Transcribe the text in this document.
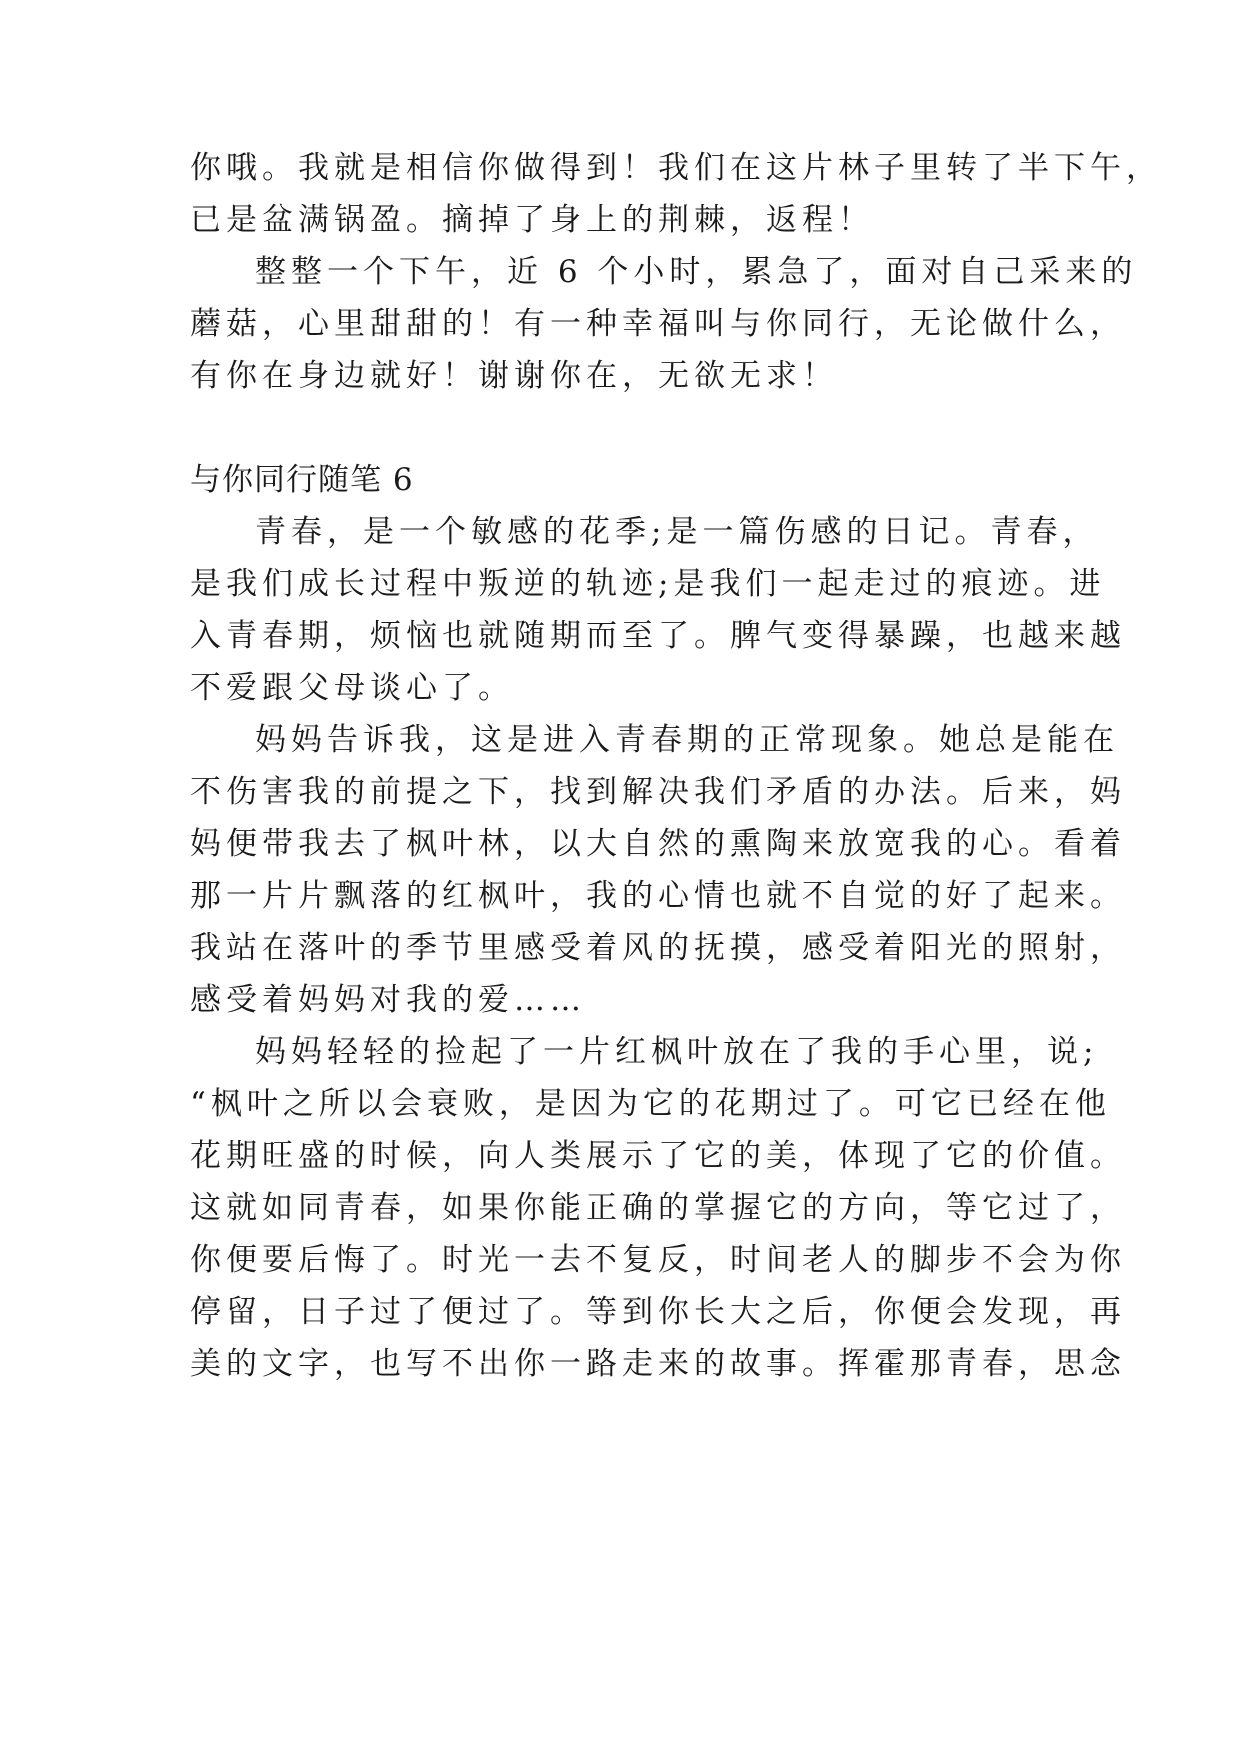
你哦。我就是相信你做得到！我们在这片林子里转了半下午，
已是盆满锅盈。摘掉了身上的荆棘，返程！
整整一个下午，近 6 个小时，累急了，面对自己采来的
蘑菇，心里甜甜的！有一种幸福叫与你同行，无论做什么，
有你在身边就好！谢谢你在，无欲无求！
与你同行随笔 6
青春，是一个敏感的花季;是一篇伤感的日记。青春，
是我们成长过程中叛逆的轨迹;是我们一起走过的痕迹。进
入青春期，烦恼也就随期而至了。脾气变得暴躁，也越来越
不爱跟父母谈心了。
妈妈告诉我，这是进入青春期的正常现象。她总是能在
不伤害我的前提之下，找到解决我们矛盾的办法。后来，妈
妈便带我去了枫叶林，以大自然的熏陶来放宽我的心。看着
那一片片飘落的红枫叶，我的心情也就不自觉的好了起来。
我站在落叶的季节里感受着风的抚摸，感受着阳光的照射，
感受着妈妈对我的爱……
妈妈轻轻的捡起了一片红枫叶放在了我的手心里，说;
“枫叶之所以会衰败，是因为它的花期过了。可它已经在他
花期旺盛的时候，向人类展示了它的美，体现了它的价值。
这就如同青春，如果你能正确的掌握它的方向，等它过了，
你便要后悔了。时光一去不复反，时间老人的脚步不会为你
停留，日子过了便过了。等到你长大之后，你便会发现，再
美的文字，也写不出你一路走来的故事。挥霍那青春，思念
